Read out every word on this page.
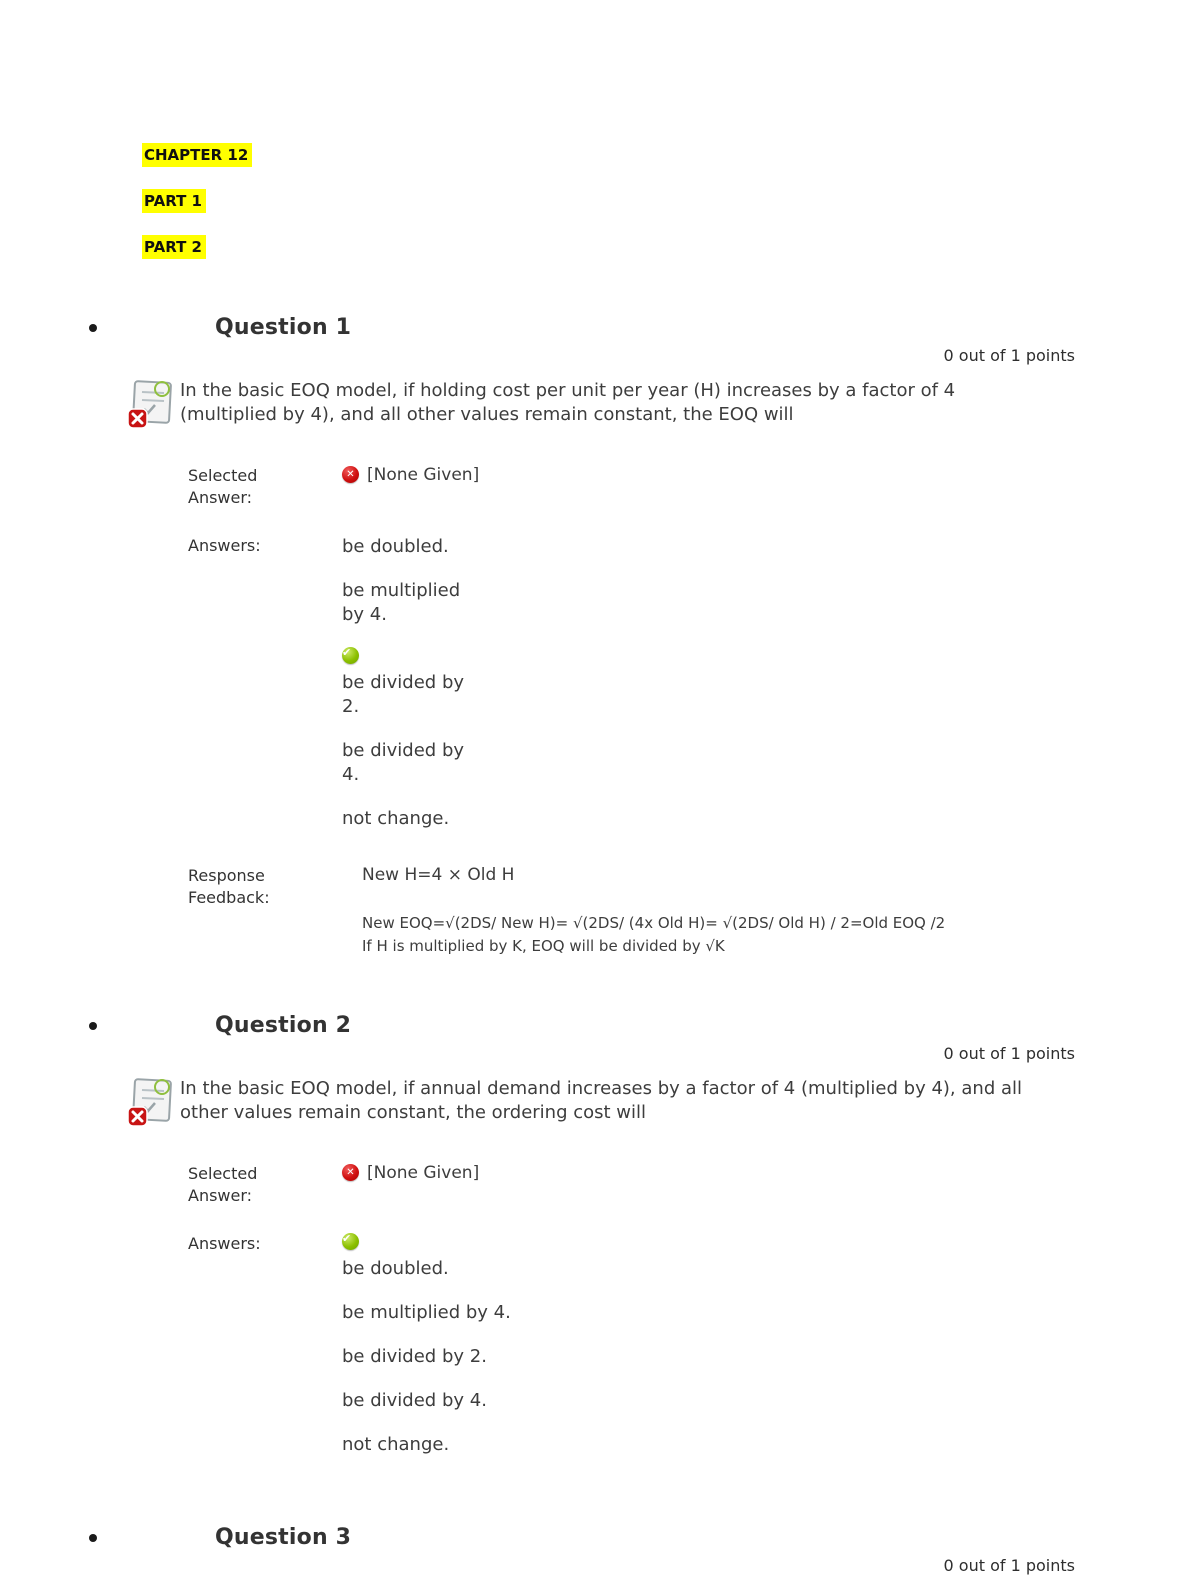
CHAPTER 12
PART 1
PART 2
Question 1
0 out of 1 points

In the basic EOQ model, if holding cost per unit per year (H) increases by a factor of 4 (multiplied by 4), and all other values remain constant, the EOQ will

Selected Answer:
✕ [None Given]
Answers:	be doubled.
be multiplied by 4.
✔
be divided by 2.
be divided by 4.
not change.
Response Feedback:

New H=4 × Old H

New EOQ=√(2DS/ New H)= √(2DS/ (4x Old H)= √(2DS/ Old H) / 2=Old EOQ /2

If H is multiplied by K, EOQ will be divided by √K

Question 2
0 out of 1 points

In the basic EOQ model, if annual demand increases by a factor of 4 (multiplied by 4), and all other values remain constant, the ordering cost will

Selected Answer:
✕ [None Given]
Answers:	✔
be doubled.
be multiplied by 4.
be divided by 2.
be divided by 4.
not change.
Question 3
0 out of 1 points
